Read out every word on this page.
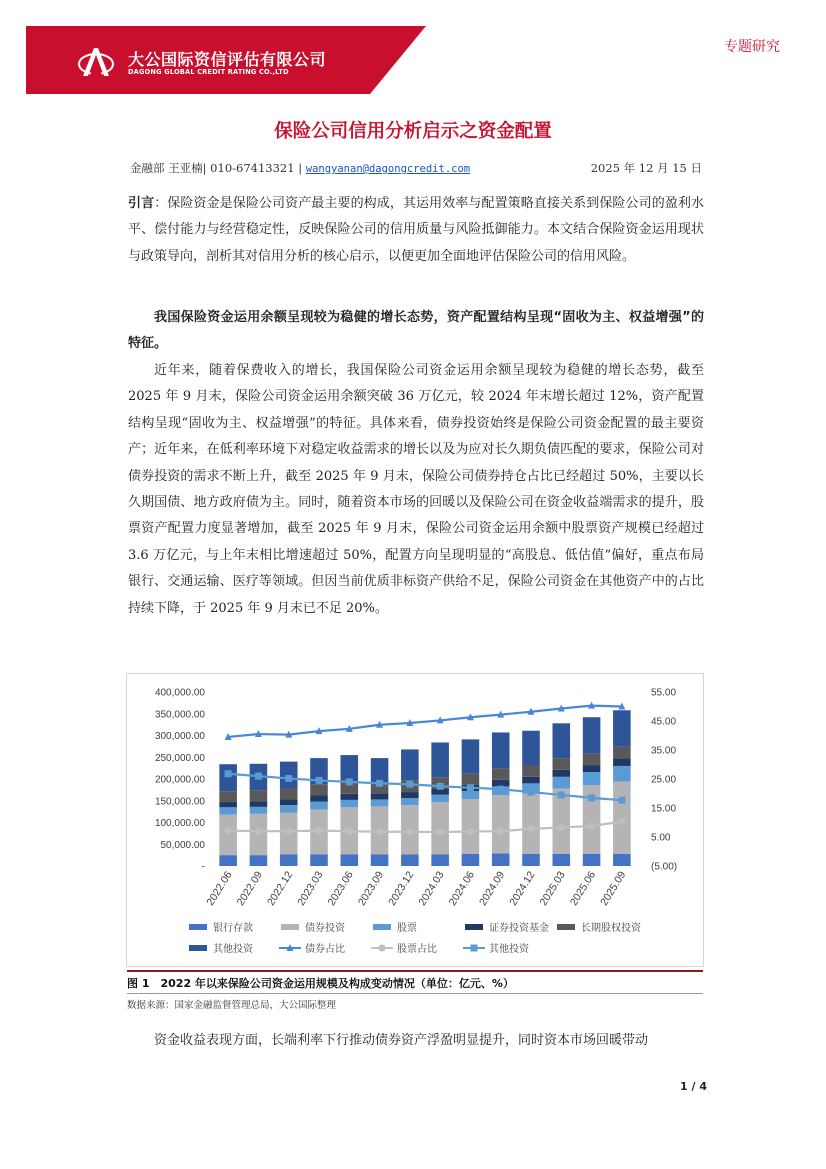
大公国际资信评估有限公司
DAGONG GLOBAL CREDIT RATING CO.,LTD
专题研究
保险公司信用分析启示之资金配置
金融部 王亚楠| 010-67413321 | wangyanan@dagongcredit.com	2025 年 12 月 15 日
引言：保险资金是保险公司资产最主要的构成，其运用效率与配置策略直接关系到保险公司的盈利水平、偿付能力与经营稳定性，反映保险公司的信用质量与风险抵御能力。本文结合保险资金运用现状与政策导向，剖析其对信用分析的核心启示，以便更加全面地评估保险公司的信用风险。
我国保险资金运用余额呈现较为稳健的增长态势，资产配置结构呈现“固收为主、权益增强”的特征。
近年来，随着保费收入的增长，我国保险公司资金运用余额呈现较为稳健的增长态势，截至 2025 年 9 月末，保险公司资金运用余额突破 36 万亿元，较 2024 年末增长超过 12%，资产配置结构呈现“固收为主、权益增强”的特征。具体来看，债券投资始终是保险公司资金配置的最主要资产；近年来，在低利率环境下对稳定收益需求的增长以及为应对长久期负债匹配的要求，保险公司对债券投资的需求不断上升，截至 2025 年 9 月末，保险公司债券持仓占比已经超过 50%，主要以长久期国债、地方政府债为主。同时，随着资本市场的回暖以及保险公司在资金收益端需求的提升，股票资产配置力度显著增加，截至 2025 年 9 月末，保险公司资金运用余额中股票资产规模已经超过 3.6 万亿元，与上年末相比增速超过 50%，配置方向呈现明显的“高股息、低估值”偏好，重点布局银行、交通运输、医疗等领域。但因当前优质非标资产供给不足，保险公司资金在其他资产中的占比持续下降，于 2025 年 9 月末已不足 20%。
-
50,000.00
100,000.00
150,000.00
200,000.00
250,000.00
300,000.00
350,000.00
400,000.00
(5.00)
5.00
15.00
25.00
35.00
45.00
55.00
2022.06 2022.09 2022.12 2023.03 2023.06 2023.09 2023.12 2024.03 2024.06 2024.09 2024.12 2025.03 2025.06 2025.09
银行存款	债券投资	股票	证券投资基金	长期股权投资
其他投资	债券占比	股票占比	其他投资
图 1　2022 年以来保险公司资金运用规模及构成变动情况（单位：亿元、%）
数据来源：国家金融监督管理总局，大公国际整理
资金收益表现方面，长端利率下行推动债券资产浮盈明显提升，同时资本市场回暖带动
1 / 4
